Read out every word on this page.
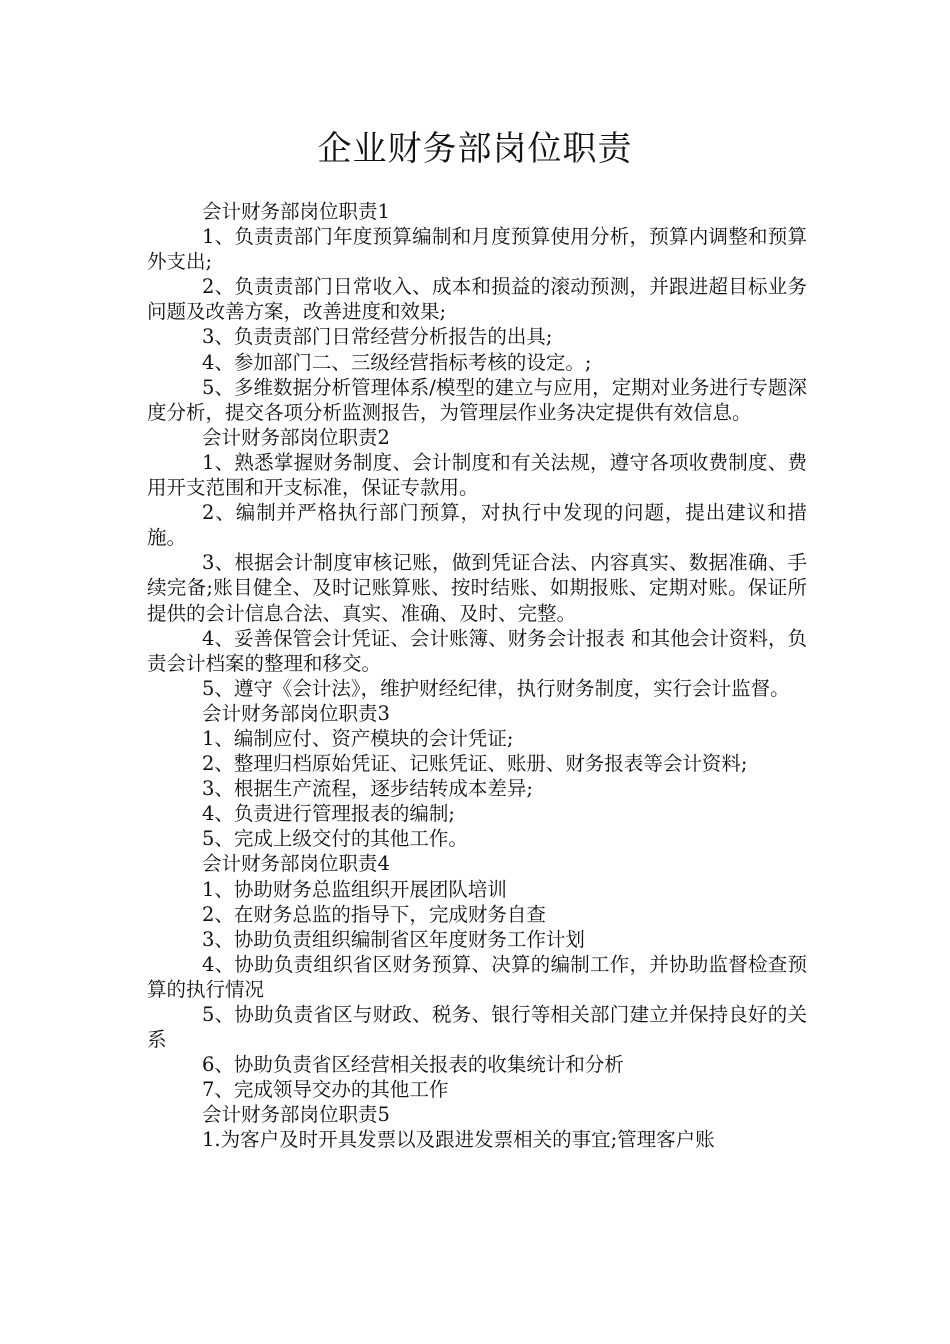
企业财务部岗位职责

会计财务部岗位职责1

1、负责责部门年度预算编制和月度预算使用分析，预算内调整和预算外支出;

2、负责责部门日常收入、成本和损益的滚动预测，并跟进超目标业务问题及改善方案，改善进度和效果;

3、负责责部门日常经营分析报告的出具;

4、参加部门二、三级经营指标考核的设定。;

5、多维数据分析管理体系/模型的建立与应用，定期对业务进行专题深度分析，提交各项分析监测报告，为管理层作业务决定提供有效信息。

会计财务部岗位职责2

1、熟悉掌握财务制度、会计制度和有关法规，遵守各项收费制度、费用开支范围和开支标准，保证专款用。

2、编制并严格执行部门预算，对执行中发现的问题，提出建议和措施。

3、根据会计制度审核记账，做到凭证合法、内容真实、数据准确、手续完备;账目健全、及时记账算账、按时结账、如期报账、定期对账。保证所提供的会计信息合法、真实、准确、及时、完整。

4、妥善保管会计凭证、会计账簿、财务会计报表 和其他会计资料，负责会计档案的整理和移交。

5、遵守《会计法》，维护财经纪律，执行财务制度，实行会计监督。

会计财务部岗位职责3

1、编制应付、资产模块的会计凭证;

2、整理归档原始凭证、记账凭证、账册、财务报表等会计资料;

3、根据生产流程，逐步结转成本差异;

4、负责进行管理报表的编制;

5、完成上级交付的其他工作。

会计财务部岗位职责4

1、协助财务总监组织开展团队培训

2、在财务总监的指导下，完成财务自查

3、协助负责组织编制省区年度财务工作计划

4、协助负责组织省区财务预算、决算的编制工作，并协助监督检查预算的执行情况

5、协助负责省区与财政、税务、银行等相关部门建立并保持良好的关系

6、协助负责省区经营相关报表的收集统计和分析

7、完成领导交办的其他工作

会计财务部岗位职责5

1.为客户及时开具发票以及跟进发票相关的事宜;管理客户账
